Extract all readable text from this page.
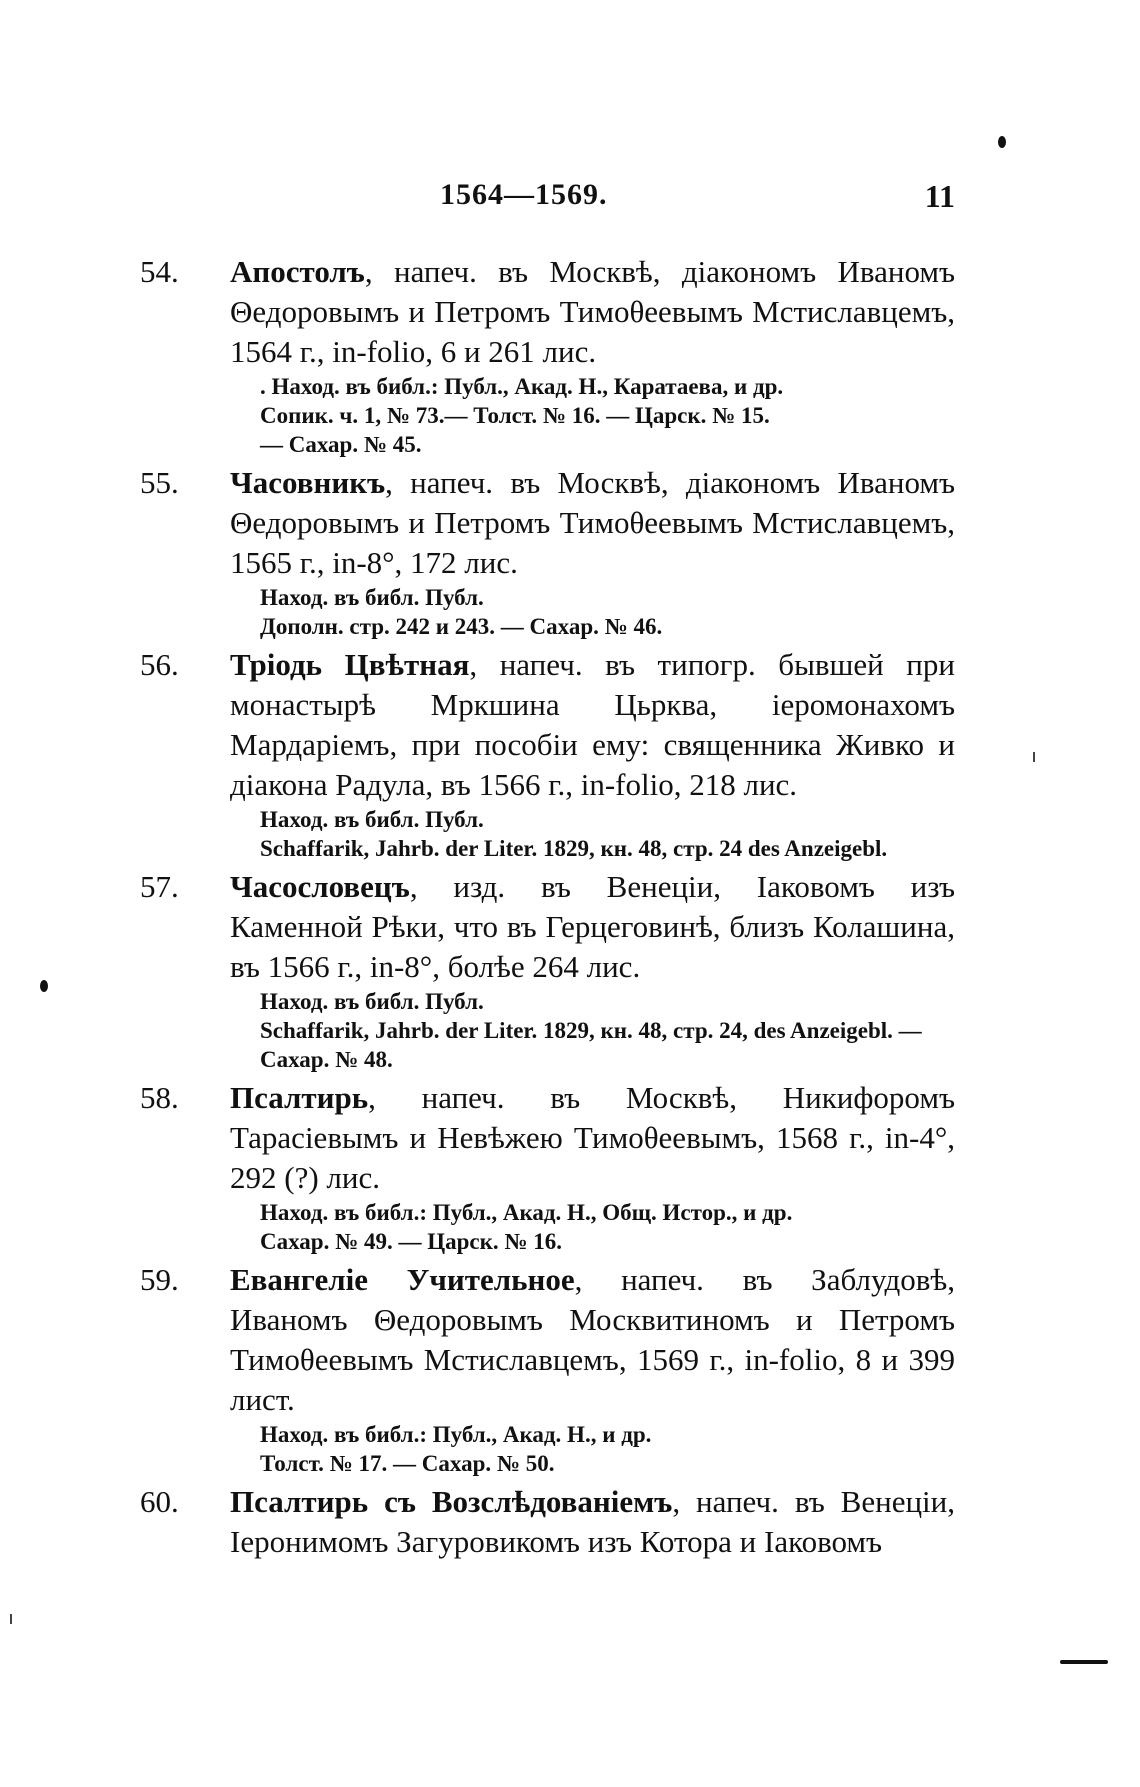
1564—1569.	11
54. Апостолъ, напеч. въ Москвѣ, діакономъ Иваномъ Θедоровымъ и Петромъ Тимоθеевымъ Мстиславцемъ, 1564 г., in-folio, 6 и 261 лис.
. Наход. въ библ.: Публ., Акад. Н., Каратаева, и др.
Сопик. ч. 1, № 73.— Толст. № 16. — Царск. № 15.
— Сахар. № 45.
55. Часовникъ, напеч. въ Москвѣ, діакономъ Иваномъ Θедоровымъ и Петромъ Тимоθеевымъ Мстиславцемъ, 1565 г., in-8°, 172 лис.
Наход. въ библ. Публ.
Дополн. стр. 242 и 243. — Сахар. № 46.
56. Тріодь Цвѣтная, напеч. въ типогр. бывшей при монастырѣ Мркшина Цьрква, іеромонахомъ Мардаріемъ, при пособіи ему: священника Живко и діакона Радула, въ 1566 г., in-folio, 218 лис.
Наход. въ библ. Публ.
Schaffarik, Jahrb. der Liter. 1829, кн. 48, стр. 24 des Anzeigebl.
57. Часословецъ, изд. въ Венеціи, Іаковомъ изъ Каменной Рѣки, что въ Герцеговинѣ, близъ Колашина, въ 1566 г., in-8°, болѣе 264 лис.
Наход. въ библ. Публ.
Schaffarik, Jahrb. der Liter. 1829, кн. 48, стр. 24, des Anzeigebl. — Сахар. № 48.
58. Псалтирь, напеч. въ Москвѣ, Никифоромъ Тарасіевымъ и Невѣжею Тимоθеевымъ, 1568 г., in-4°, 292 (?) лис.
Наход. въ библ.: Публ., Акад. Н., Общ. Истор., и др.
Сахар. № 49. — Царск. № 16.
59. Евангеліе Учительное, напеч. въ Заблудовѣ, Иваномъ Θедоровымъ Москвитиномъ и Петромъ Тимоθеевымъ Мстиславцемъ, 1569 г., in-folio, 8 и 399 лист.
Наход. въ библ.: Публ., Акад. Н., и др.
Толст. № 17. — Сахар. № 50.
60. Псалтирь съ Возслѣдованіемъ, напеч. въ Венеціи, Іеронимомъ Загуровикомъ изъ Котора и Іаковомъ
